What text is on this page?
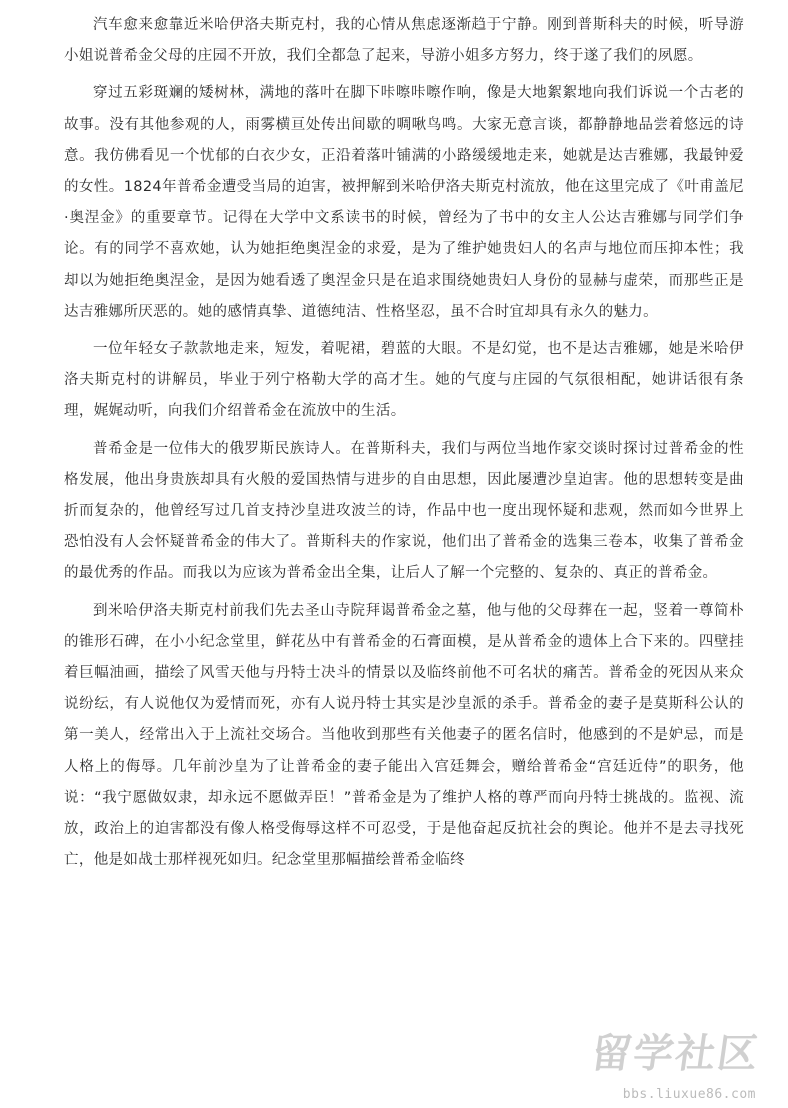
汽车愈来愈靠近米哈伊洛夫斯克村，我的心情从焦虑逐渐趋于宁静。刚到普斯科夫的时候，听导游小姐说普希金父母的庄园不开放，我们全都急了起来，导游小姐多方努力，终于遂了我们的夙愿。

穿过五彩斑斓的矮树林，满地的落叶在脚下咔嚓咔嚓作响，像是大地絮絮地向我们诉说一个古老的故事。没有其他参观的人，雨雾横亘处传出间歇的啁啾鸟鸣。大家无意言谈，都静静地品尝着悠远的诗意。我仿佛看见一个忧郁的白衣少女，正沿着落叶铺满的小路缓缓地走来，她就是达吉雅娜，我最钟爱的女性。1824年普希金遭受当局的迫害，被押解到米哈伊洛夫斯克村流放，他在这里完成了《叶甫盖尼·奥涅金》的重要章节。记得在大学中文系读书的时候，曾经为了书中的女主人公达吉雅娜与同学们争论。有的同学不喜欢她，认为她拒绝奥涅金的求爱，是为了维护她贵妇人的名声与地位而压抑本性；我却以为她拒绝奥涅金，是因为她看透了奥涅金只是在追求围绕她贵妇人身份的显赫与虚荣，而那些正是达吉雅娜所厌恶的。她的感情真挚、道德纯洁、性格坚忍，虽不合时宜却具有永久的魅力。

一位年轻女子款款地走来，短发，着呢裙，碧蓝的大眼。不是幻觉，也不是达吉雅娜，她是米哈伊洛夫斯克村的讲解员，毕业于列宁格勒大学的高才生。她的气度与庄园的气氛很相配，她讲话很有条理，娓娓动听，向我们介绍普希金在流放中的生活。

普希金是一位伟大的俄罗斯民族诗人。在普斯科夫，我们与两位当地作家交谈时探讨过普希金的性格发展，他出身贵族却具有火般的爱国热情与进步的自由思想，因此屡遭沙皇迫害。他的思想转变是曲折而复杂的，他曾经写过几首支持沙皇进攻波兰的诗，作品中也一度出现怀疑和悲观，然而如今世界上恐怕没有人会怀疑普希金的伟大了。普斯科夫的作家说，他们出了普希金的选集三卷本，收集了普希金的最优秀的作品。而我以为应该为普希金出全集，让后人了解一个完整的、复杂的、真正的普希金。

到米哈伊洛夫斯克村前我们先去圣山寺院拜谒普希金之墓，他与他的父母葬在一起，竖着一尊简朴的锥形石碑，在小小纪念堂里，鲜花丛中有普希金的石膏面模，是从普希金的遗体上合下来的。四壁挂着巨幅油画，描绘了风雪天他与丹特士决斗的情景以及临终前他不可名状的痛苦。普希金的死因从来众说纷纭，有人说他仅为爱情而死，亦有人说丹特士其实是沙皇派的杀手。普希金的妻子是莫斯科公认的第一美人，经常出入于上流社交场合。当他收到那些有关他妻子的匿名信时，他感到的不是妒忌，而是人格上的侮辱。几年前沙皇为了让普希金的妻子能出入宫廷舞会，赠给普希金“宫廷近侍”的职务，他说：“我宁愿做奴隶，却永远不愿做弄臣！”普希金是为了维护人格的尊严而向丹特士挑战的。监视、流放，政治上的迫害都没有像人格受侮辱这样不可忍受，于是他奋起反抗社会的舆论。他并不是去寻找死亡，他是如战士那样视死如归。纪念堂里那幅描绘普希金临终

留学社区
bbs.liuxue86.com
